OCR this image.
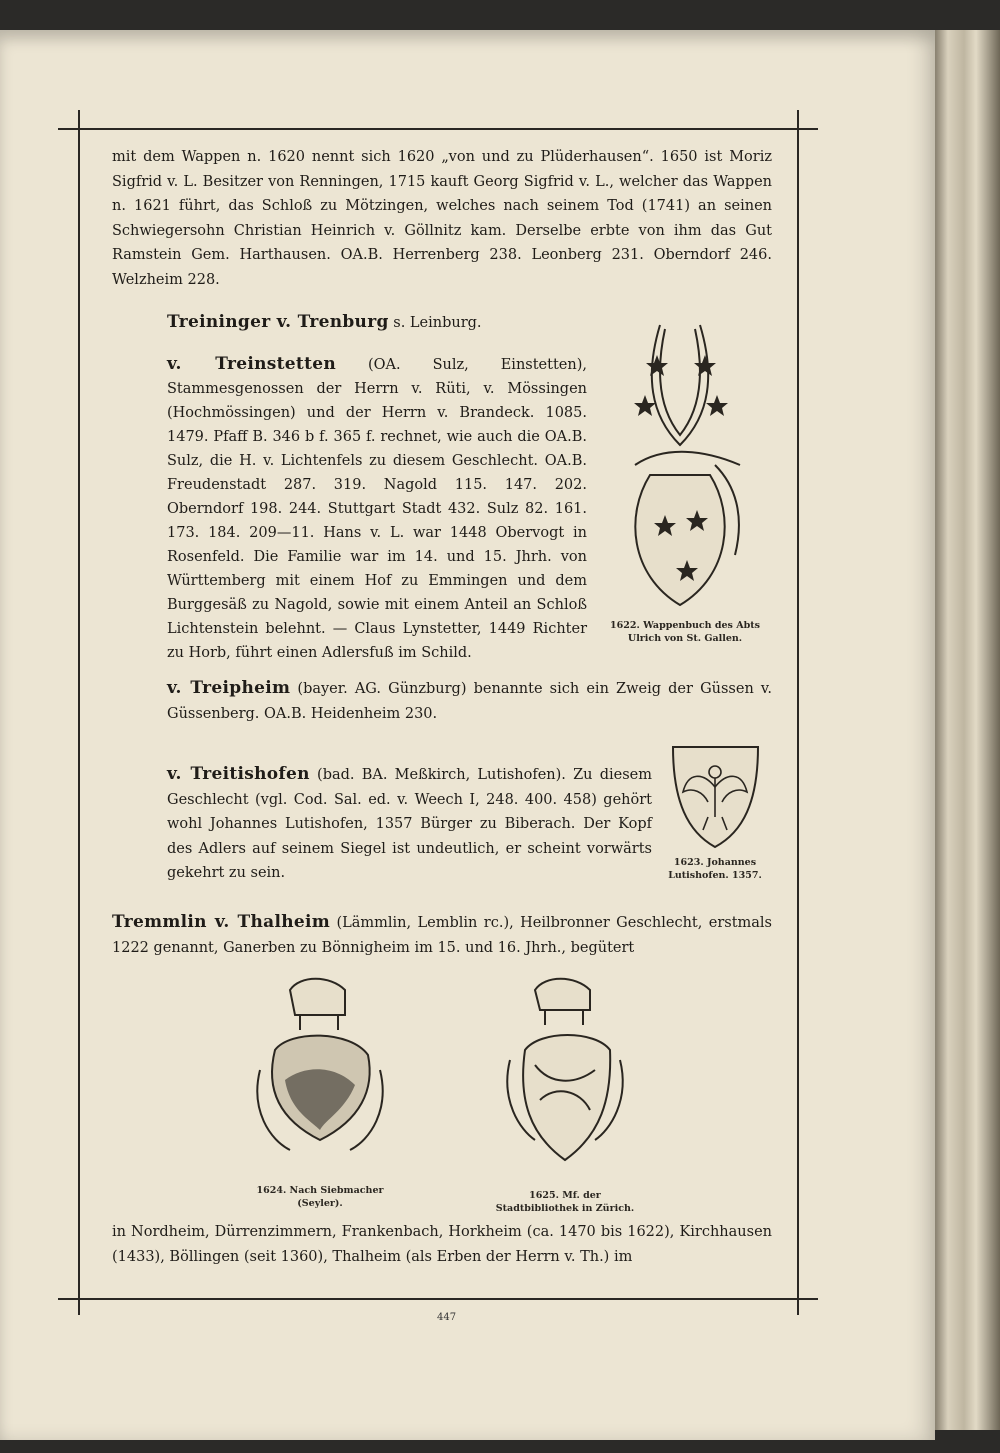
mit dem Wappen n. 1620 nennt sich 1620 „von und zu Plüderhausen“. 1650 ist Moriz Sigfrid v. L. Besitzer von Renningen, 1715 kauft Georg Sigfrid v. L., welcher das Wappen n. 1621 führt, das Schloß zu Mötzingen, welches nach seinem Tod (1741) an seinen Schwiegersohn Christian Heinrich v. Göllnitz kam. Derselbe erbte von ihm das Gut Ramstein Gem. Harthausen. OA.B. Herrenberg 238. Leonberg 231. Oberndorf 246. Welzheim 228.

Treininger v. Trenburg s. Leinburg.

v. Treinstetten (OA. Sulz, Einstetten), Stammesgenossen der Herrn v. Rüti, v. Mössingen (Hochmössingen) und der Herrn v. Brandeck. 1085. 1479. Pfaff B. 346 b f. 365 f. rechnet, wie auch die OA.B. Sulz, die H. v. Lichtenfels zu diesem Geschlecht. OA.B. Freudenstadt 287. 319. Nagold 115. 147. 202. Oberndorf 198. 244. Stuttgart Stadt 432. Sulz 82. 161. 173. 184. 209—11. Hans v. L. war 1448 Obervogt in Rosenfeld. Die Familie war im 14. und 15. Jhrh. von Württemberg mit einem Hof zu Emmingen und dem Burggesäß zu Nagold, sowie mit einem Anteil an Schloß Lichtenstein belehnt. — Claus Lynstetter, 1449 Richter zu Horb, führt einen Adlersfuß im Schild.

1622. Wappenbuch des Abts Ulrich von St. Gallen.

v. Treipheim (bayer. AG. Günzburg) benannte sich ein Zweig der Güssen v. Güssenberg. OA.B. Heidenheim 230.

v. Treitishofen (bad. BA. Meßkirch, Lutishofen). Zu diesem Geschlecht (vgl. Cod. Sal. ed. v. Weech I, 248. 400. 458) gehört wohl Johannes Lutishofen, 1357 Bürger zu Biberach. Der Kopf des Adlers auf seinem Siegel ist undeutlich, er scheint vorwärts gekehrt zu sein.

1623. Johannes Lutishofen. 1357.

Tremmlin v. Thalheim (Lämmlin, Lemblin rc.), Heilbronner Geschlecht, erstmals 1222 genannt, Ganerben zu Bönnigheim im 15. und 16. Jhrh., begütert

1624. Nach Siebmacher (Seyler).
1625. Mf. der Stadtbibliothek in Zürich.

in Nordheim, Dürrenzimmern, Frankenbach, Horkheim (ca. 1470 bis 1622), Kirchhausen (1433), Böllingen (seit 1360), Thalheim (als Erben der Herrn v. Th.) im

447
